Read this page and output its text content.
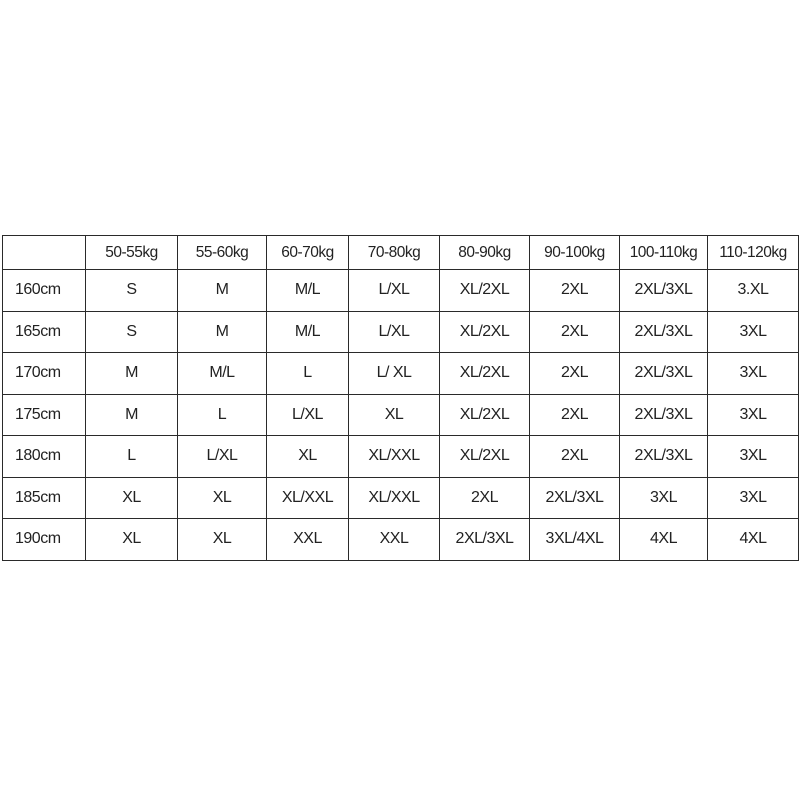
	50-55kg	55-60kg	60-70kg	70-80kg	80-90kg	90-100kg	100-110kg	110-120kg
160cm	S	M	M/L	L/XL	XL/2XL	2XL	2XL/3XL	3.XL
165cm	S	M	M/L	L/XL	XL/2XL	2XL	2XL/3XL	3XL
170cm	M	M/L	L	L/ XL	XL/2XL	2XL	2XL/3XL	3XL
175cm	M	L	L/XL	XL	XL/2XL	2XL	2XL/3XL	3XL
180cm	L	L/XL	XL	XL/XXL	XL/2XL	2XL	2XL/3XL	3XL
185cm	XL	XL	XL/XXL	XL/XXL	2XL	2XL/3XL	3XL	3XL
190cm	XL	XL	XXL	XXL	2XL/3XL	3XL/4XL	4XL	4XL
